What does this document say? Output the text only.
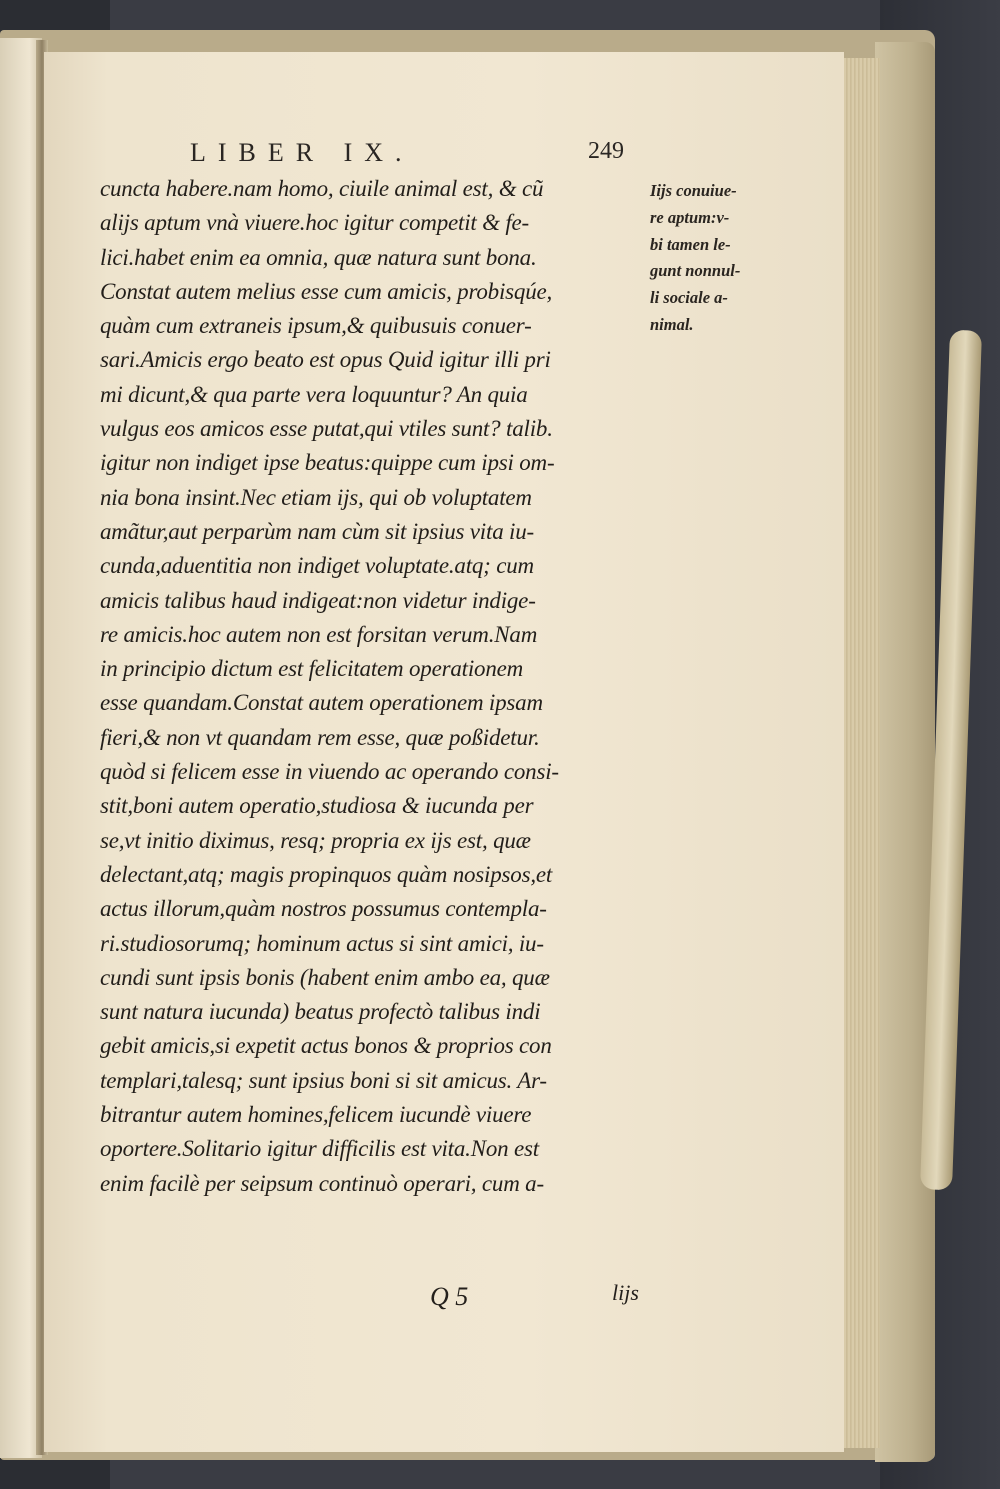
LIBER IX.	249
cuncta habere.nam homo, ciuile animal est, & cũ
alijs aptum vnà viuere.hoc igitur competit & fe-
lici.habet enim ea omnia, quæ natura sunt bona.
Constat autem melius esse cum amicis, probisqúe,
quàm cum extraneis ipsum,& quibusuis conuer-
sari.Amicis ergo beato est opus Quid igitur illi pri
mi dicunt,& qua parte vera loquuntur? An quia
vulgus eos amicos esse putat,qui vtiles sunt? talib.
igitur non indiget ipse beatus:quippe cum ipsi om-
nia bona insint.Nec etiam ijs, qui ob voluptatem
amãtur,aut perparùm nam cùm sit ipsius vita iu-
cunda,aduentitia non indiget voluptate.atq; cum
amicis talibus haud indigeat:non videtur indige-
re amicis.hoc autem non est forsitan verum.Nam
in principio dictum est felicitatem operationem
esse quandam.Constat autem operationem ipsam
fieri,& non vt quandam rem esse, quæ poßidetur.
quòd si felicem esse in viuendo ac operando consi-
stit,boni autem operatio,studiosa & iucunda per
se,vt initio diximus, resq; propria ex ijs est, quæ
delectant,atq; magis propinquos quàm nosipsos,et
actus illorum,quàm nostros possumus contempla-
ri.studiosorumq; hominum actus si sint amici, iu-
cundi sunt ipsis bonis (habent enim ambo ea, quæ
sunt natura iucunda) beatus profectò talibus indi
gebit amicis,si expetit actus bonos & proprios con
templari,talesq; sunt ipsius boni si sit amicus. Ar-
bitrantur autem homines,felicem iucundè viuere
oportere.Solitario igitur difficilis est vita.Non est
enim facilè per seipsum continuò operari, cum a-
Iijs conuiue-
re aptum:v-
bi tamen le-
gunt nonnul-
li sociale a-
nimal.
Q 5	lijs
